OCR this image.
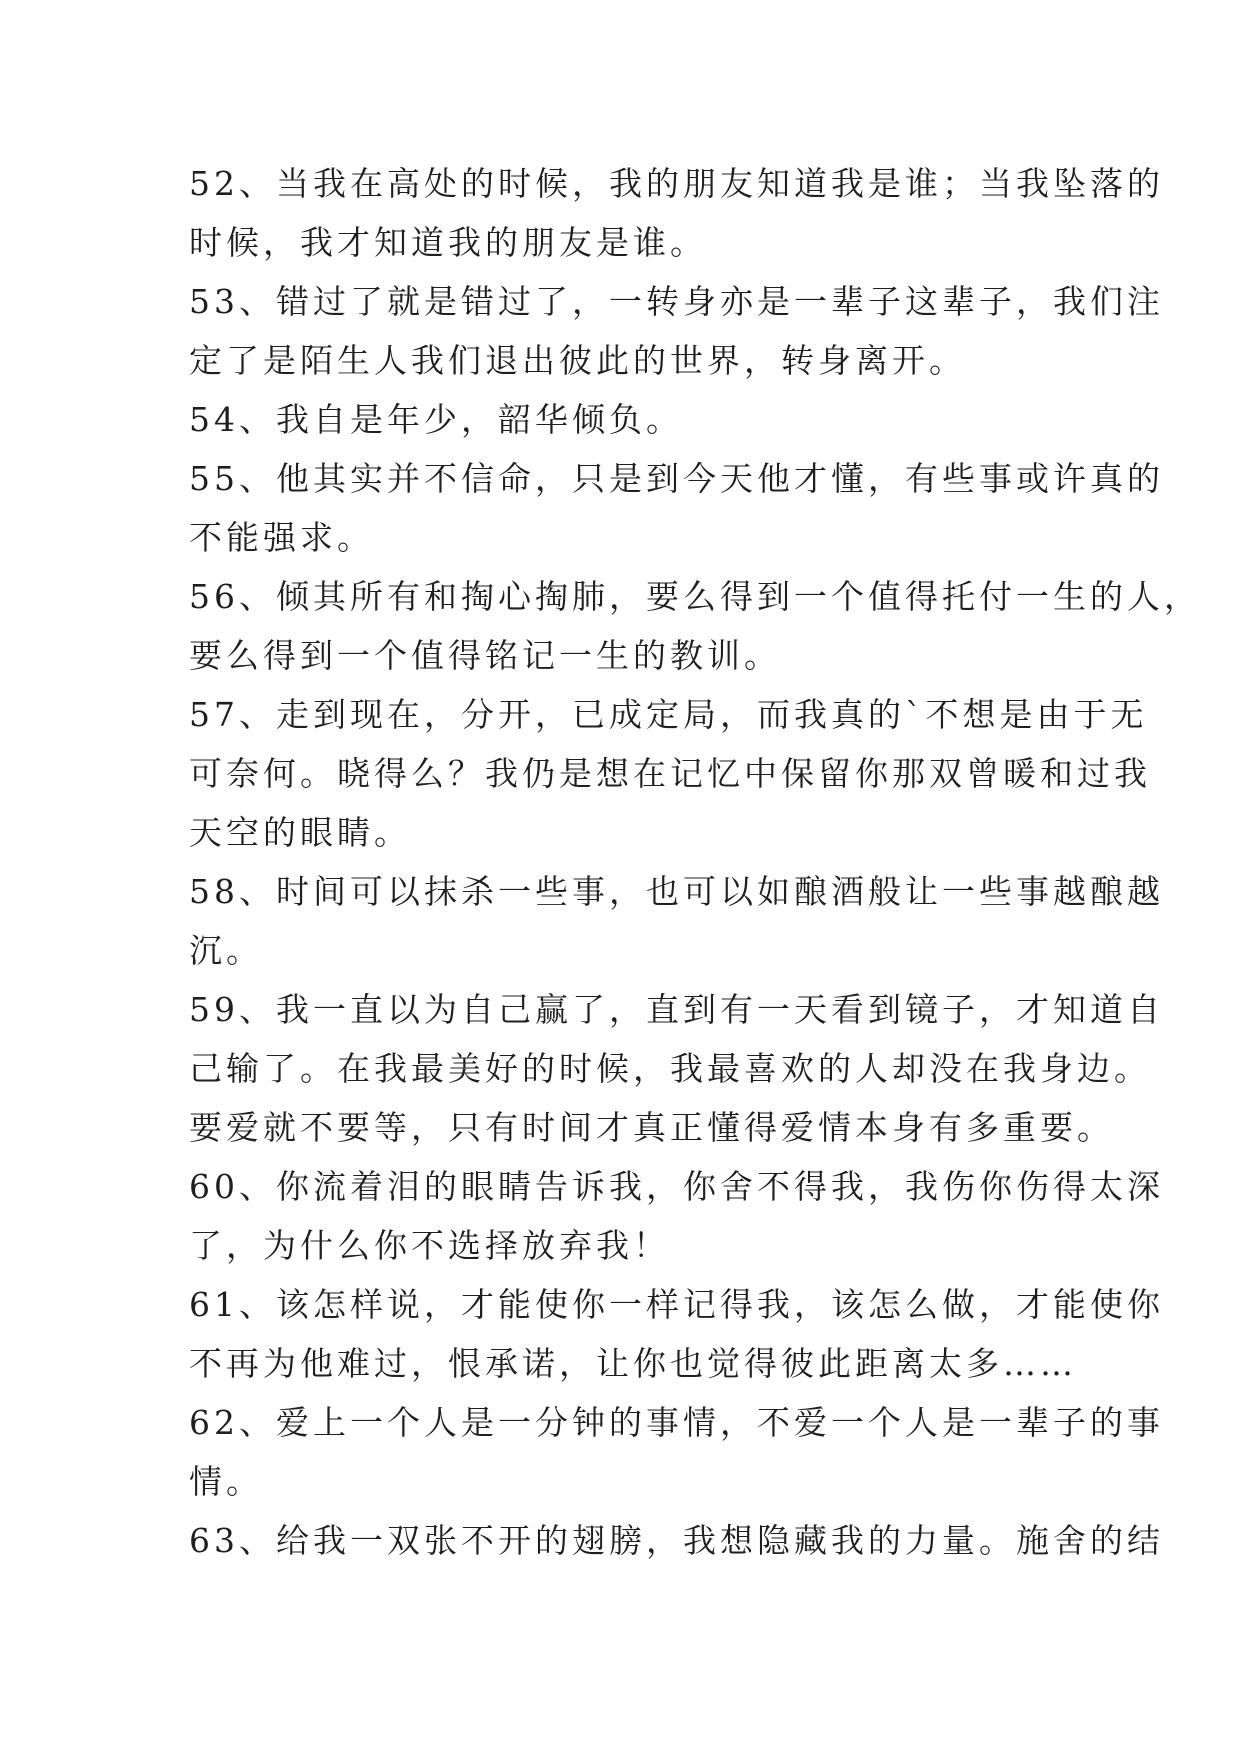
52、当我在高处的时候，我的朋友知道我是谁；当我坠落的
时候，我才知道我的朋友是谁。
53、错过了就是错过了，一转身亦是一辈子这辈子，我们注
定了是陌生人我们退出彼此的世界，转身离开。
54、我自是年少，韶华倾负。
55、他其实并不信命，只是到今天他才懂，有些事或许真的
不能强求。
56、倾其所有和掏心掏肺，要么得到一个值得托付一生的人，
要么得到一个值得铭记一生的教训。
57、走到现在，分开，已成定局，而我真的`不想是由于无
可奈何。晓得么？我仍是想在记忆中保留你那双曾暖和过我
天空的眼睛。
58、时间可以抹杀一些事，也可以如酿酒般让一些事越酿越
沉。
59、我一直以为自己赢了，直到有一天看到镜子，才知道自
己输了。在我最美好的时候，我最喜欢的人却没在我身边。
要爱就不要等，只有时间才真正懂得爱情本身有多重要。
60、你流着泪的眼睛告诉我，你舍不得我，我伤你伤得太深
了，为什么你不选择放弃我！
61、该怎样说，才能使你一样记得我，该怎么做，才能使你
不再为他难过，恨承诺，让你也觉得彼此距离太多……
62、爱上一个人是一分钟的事情，不爱一个人是一辈子的事
情。
63、给我一双张不开的翅膀，我想隐藏我的力量。施舍的结
